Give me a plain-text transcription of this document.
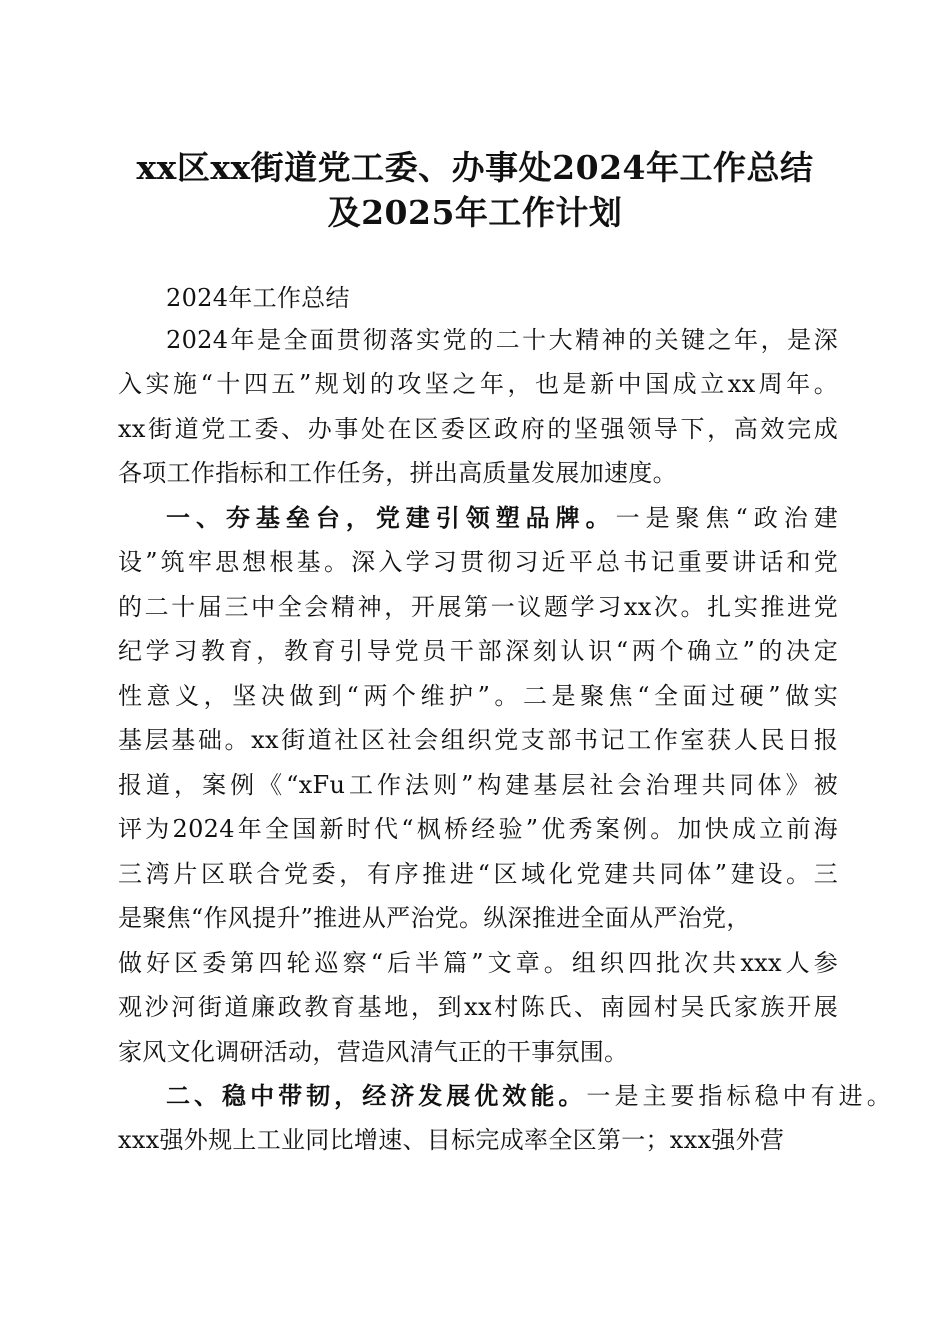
xx区xx街道党工委、办事处2024年工作总结
及2025年工作计划
2024年工作总结
2024年是全面贯彻落实党的二十大精神的关键之年，是深
入实施“十四五”规划的攻坚之年，也是新中国成立xx周年。
xx街道党工委、办事处在区委区政府的坚强领导下，高效完成
各项工作指标和工作任务，拼出高质量发展加速度。
一、夯基垒台，党建引领塑品牌。一是聚焦“政治建
设”筑牢思想根基。深入学习贯彻习近平总书记重要讲话和党
的二十届三中全会精神，开展第一议题学习xx次。扎实推进党
纪学习教育，教育引导党员干部深刻认识“两个确立”的决定
性意义，坚决做到“两个维护”。二是聚焦“全面过硬”做实
基层基础。xx街道社区社会组织党支部书记工作室获人民日报
报道，案例《“xFu工作法则”构建基层社会治理共同体》被
评为2024年全国新时代“枫桥经验”优秀案例。加快成立前海
三湾片区联合党委，有序推进“区域化党建共同体”建设。三
是聚焦“作风提升”推进从严治党。纵深推进全面从严治党，
做好区委第四轮巡察“后半篇”文章。组织四批次共xxx人参
观沙河街道廉政教育基地，到xx村陈氏、南园村吴氏家族开展
家风文化调研活动，营造风清气正的干事氛围。
二、稳中带韧，经济发展优效能。一是主要指标稳中有进。
xxx强外规上工业同比增速、目标完成率全区第一；xxx强外营
